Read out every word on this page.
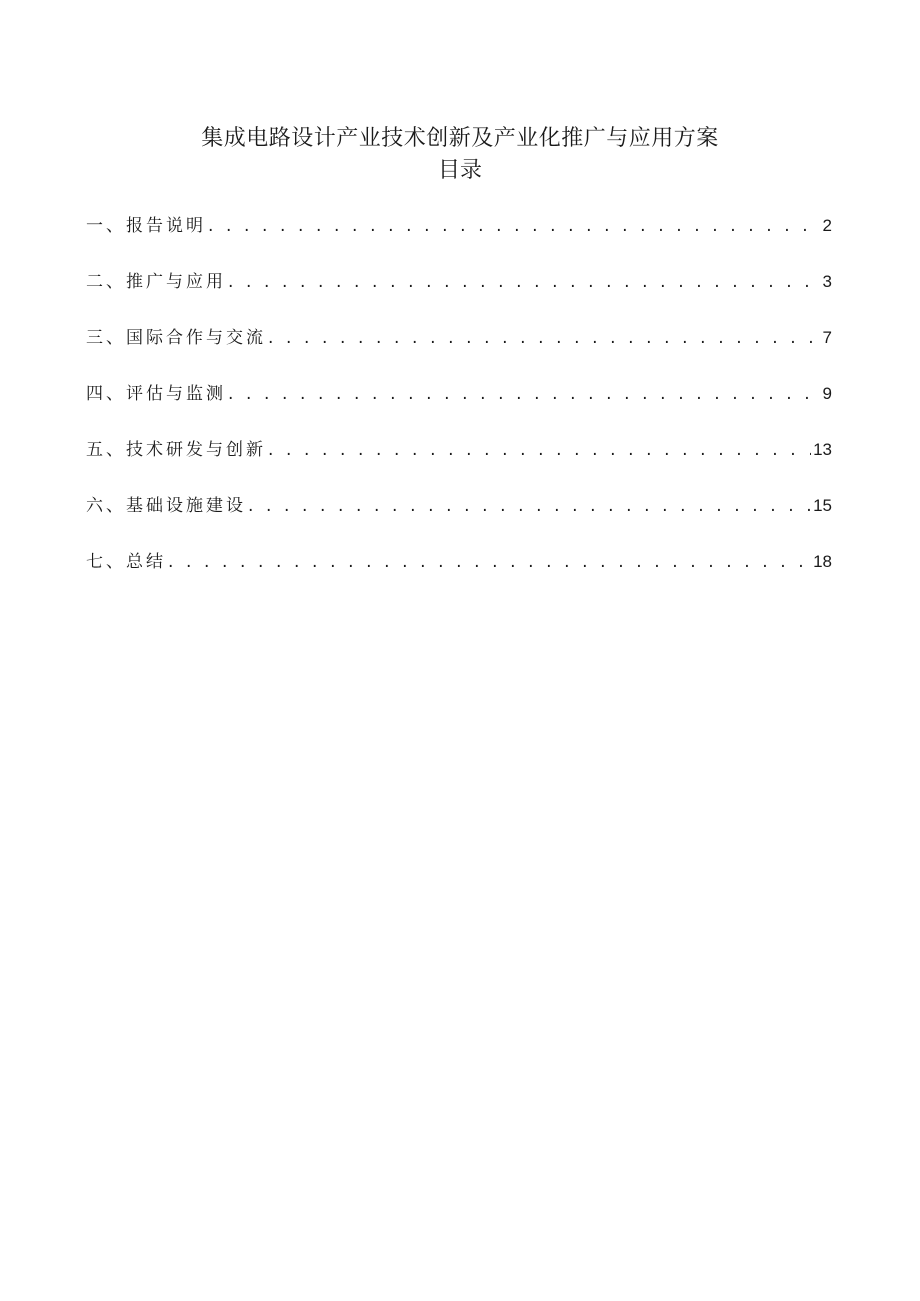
集成电路设计产业技术创新及产业化推广与应用方案
目录
一、报告说明 . . .	2
二、推广与应用 . . .	3
三、国际合作与交流 . . .	7
四、评估与监测 . . .	9
五、技术研发与创新 . . .	13
六、基础设施建设 . . .	15
七、总结 . . .	18
